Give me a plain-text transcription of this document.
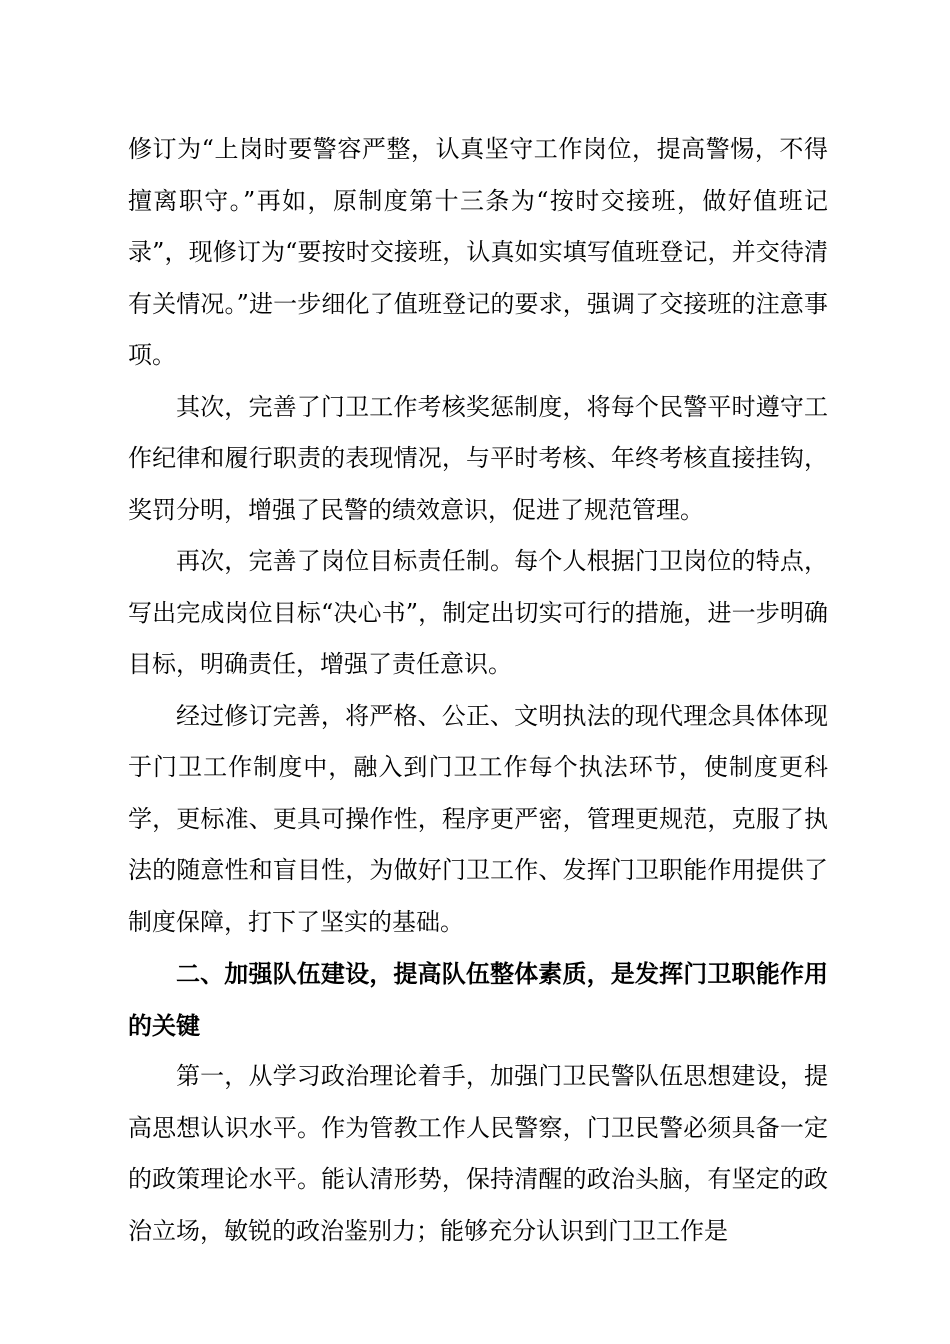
修订为“上岗时要警容严整，认真坚守工作岗位，提高警惕，不得擅离职守。”再如，原制度第十三条为“按时交接班，做好值班记录”，现修订为“要按时交接班，认真如实填写值班登记，并交待清有关情况。”进一步细化了值班登记的要求，强调了交接班的注意事项。

其次，完善了门卫工作考核奖惩制度，将每个民警平时遵守工作纪律和履行职责的表现情况，与平时考核、年终考核直接挂钩，奖罚分明，增强了民警的绩效意识，促进了规范管理。

再次，完善了岗位目标责任制。每个人根据门卫岗位的特点，写出完成岗位目标“决心书”，制定出切实可行的措施，进一步明确目标，明确责任，增强了责任意识。

经过修订完善，将严格、公正、文明执法的现代理念具体体现于门卫工作制度中，融入到门卫工作每个执法环节，使制度更科学，更标准、更具可操作性，程序更严密，管理更规范，克服了执法的随意性和盲目性，为做好门卫工作、发挥门卫职能作用提供了制度保障，打下了坚实的基础。

二、加强队伍建设，提高队伍整体素质，是发挥门卫职能作用的关键

第一，从学习政治理论着手，加强门卫民警队伍思想建设，提高思想认识水平。作为管教工作人民警察，门卫民警必须具备一定的政策理论水平。能认清形势，保持清醒的政治头脑，有坚定的政治立场，敏锐的政治鉴别力；能够充分认识到门卫工作是
